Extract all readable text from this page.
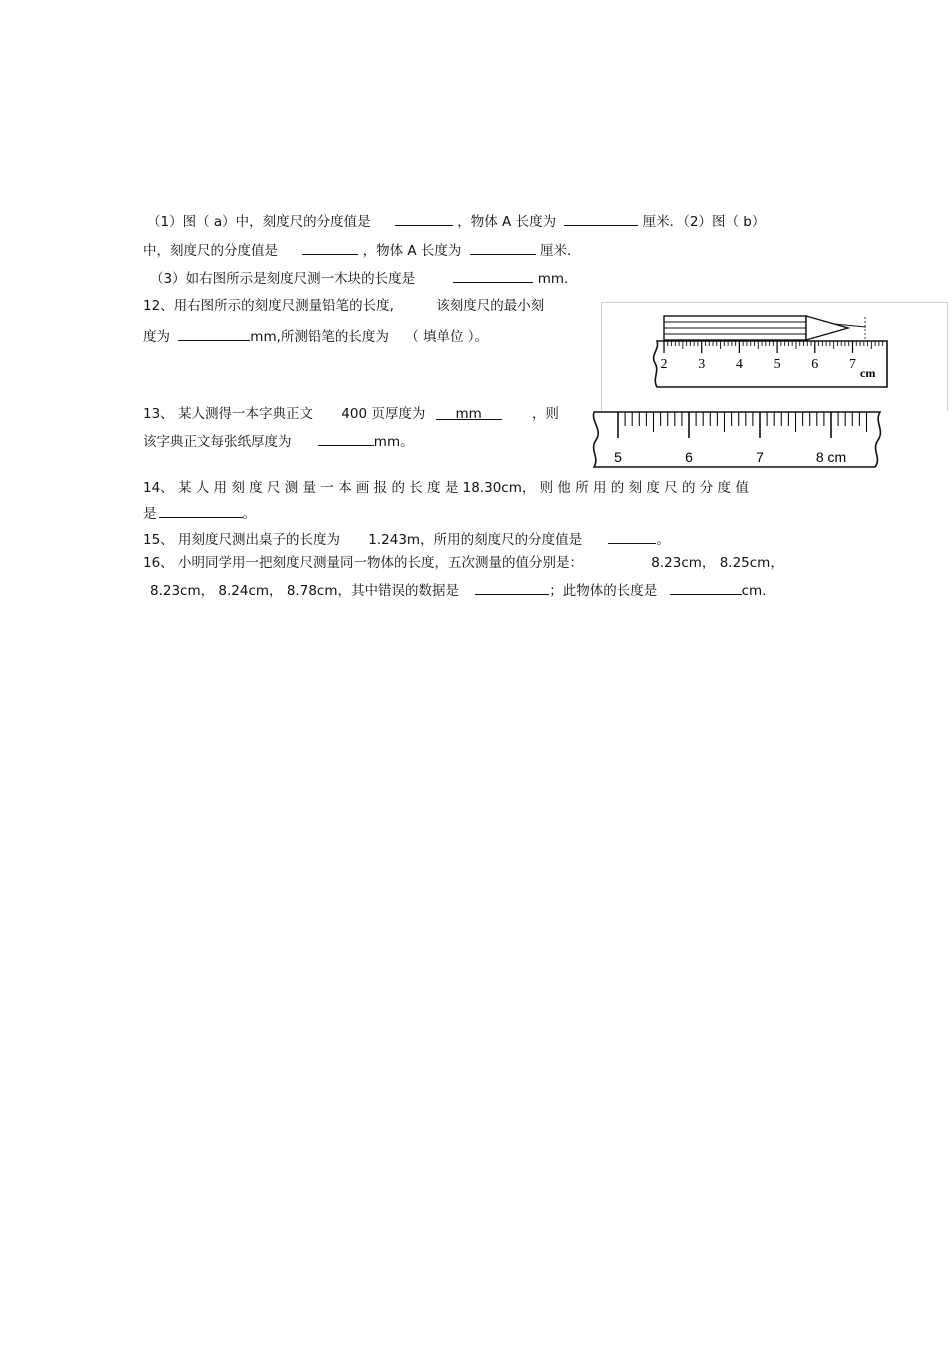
（1）图（ a）中，刻度尺的分度值是	，物体 A 长度为	厘米．（2）图（ b）
中，刻度尺的分度值是	，物体 A 长度为	厘米．
（3）如右图所示是刻度尺测一木块的长度是	mm.
12、用右图所示的刻度尺测量铅笔的长度,	该刻度尺的最小刻
度为	mm,所测铅笔的长度为 （ 填单位 ）。
2 3 4 5 6 7
cm
13、 某人测得一本字典正文 400 页厚度为 mm	，则
该字典正文每张纸厚度为	mm。
5	6	7	8 cm
14、 某 人 用 刻 度 尺 测 量 一 本 画 报 的 长 度 是 18.30cm， 则 他 所 用 的 刻 度 尺 的 分 度 值
是	。
15、 用刻度尺测出桌子的长度为 1.243m，所用的刻度尺的分度值是	。
16、 小明同学用一把刻度尺测量同一物体的长度，五次测量的值分别是：	8.23cm， 8.25cm，
8.23cm， 8.24cm， 8.78cm，其中错误的数据是	；此物体的长度是	cm.
